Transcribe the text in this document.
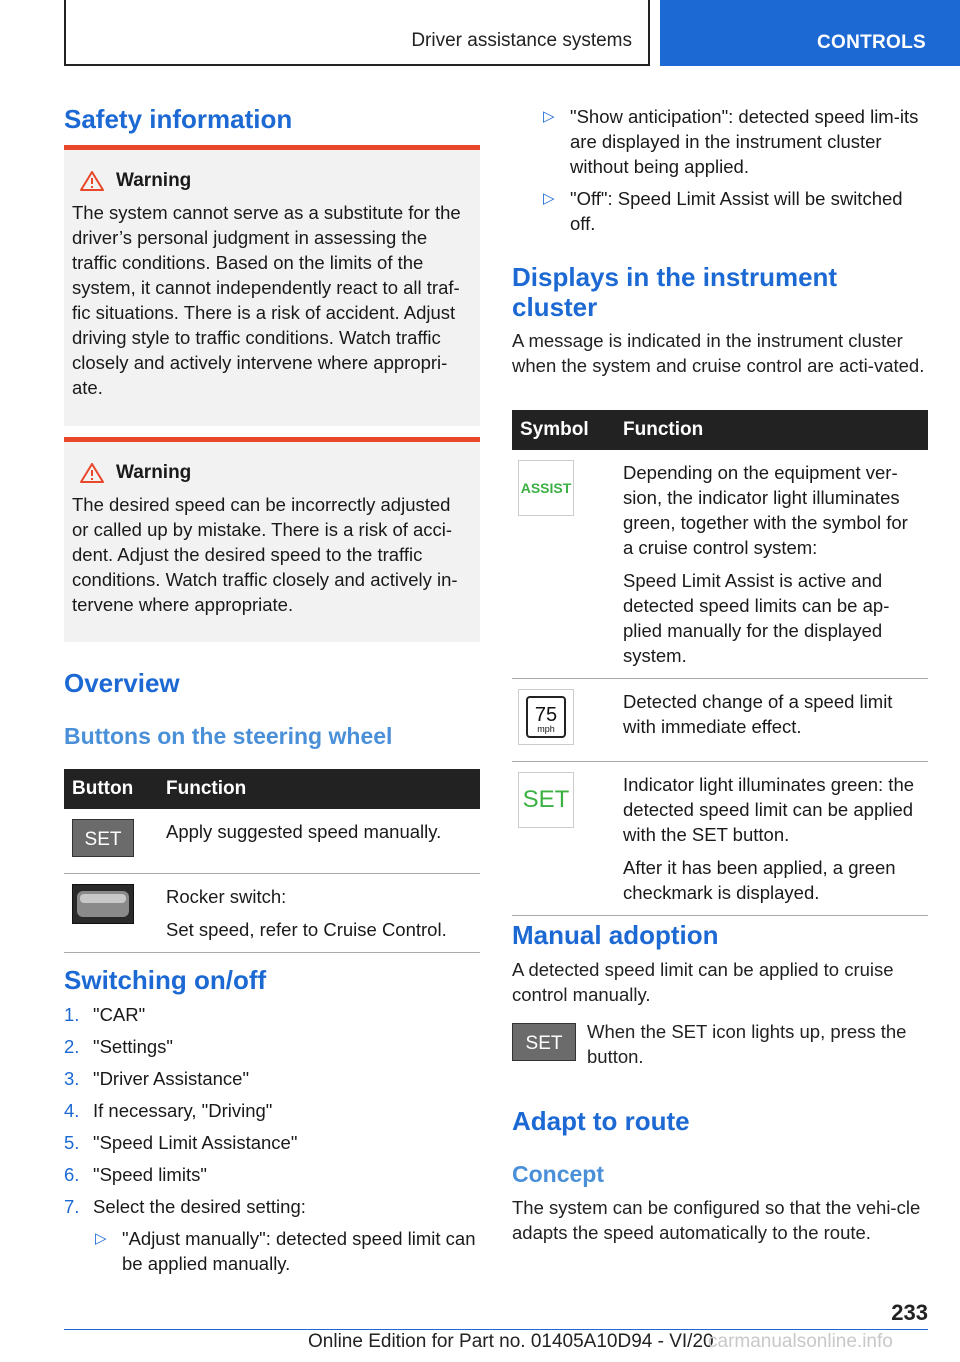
Driver assistance systems	CONTROLS
Safety information
Warning
The system cannot serve as a substitute for the driver’s personal judgment in assessing the traffic conditions. Based on the limits of the system, it cannot independently react to all traf‐fic situations. There is a risk of accident. Adjust driving style to traffic conditions. Watch traffic closely and actively intervene where appropri‐ate.
Warning
The desired speed can be incorrectly adjusted or called up by mistake. There is a risk of acci‐dent. Adjust the desired speed to the traffic conditions. Watch traffic closely and actively in‐tervene where appropriate.
Overview
Buttons on the steering wheel
Button	Function

SET	Apply suggested speed manually.

Rocker switch:

Set speed, refer to Cruise Control.

Switching on/off
1. "CAR"
2. "Settings"
3. "Driver Assistance"
4. If necessary, "Driving"
5. "Speed Limit Assistance"
6. "Speed limits"
7. Select the desired setting:
▷ "Adjust manually": detected speed limit can be applied manually.
▷ "Show anticipation": detected speed lim‐its are displayed in the instrument cluster without being applied.
▷ "Off": Speed Limit Assist will be switched off.
Displays in the instrument cluster
A message is indicated in the instrument cluster when the system and cruise control are acti‐vated.
Symbol	Function

ASSIST	Depending on the equipment ver‐sion, the indicator light illuminates green, together with the symbol for a cruise control system:

Speed Limit Assist is active and detected speed limits can be ap‐plied manually for the displayed system.

75
mph	Detected change of a speed limit with immediate effect.

SET	Indicator light illuminates green: the detected speed limit can be applied with the SET button.

After it has been applied, a green checkmark is displayed.

Manual adoption
A detected speed limit can be applied to cruise control manually.
SET
When the SET icon lights up, press the button.
Adapt to route
Concept
The system can be configured so that the vehi‐cle adapts the speed automatically to the route.
233
Online Edition for Part no. 01405A10D94 - VI/20
carmanualsonline.info
